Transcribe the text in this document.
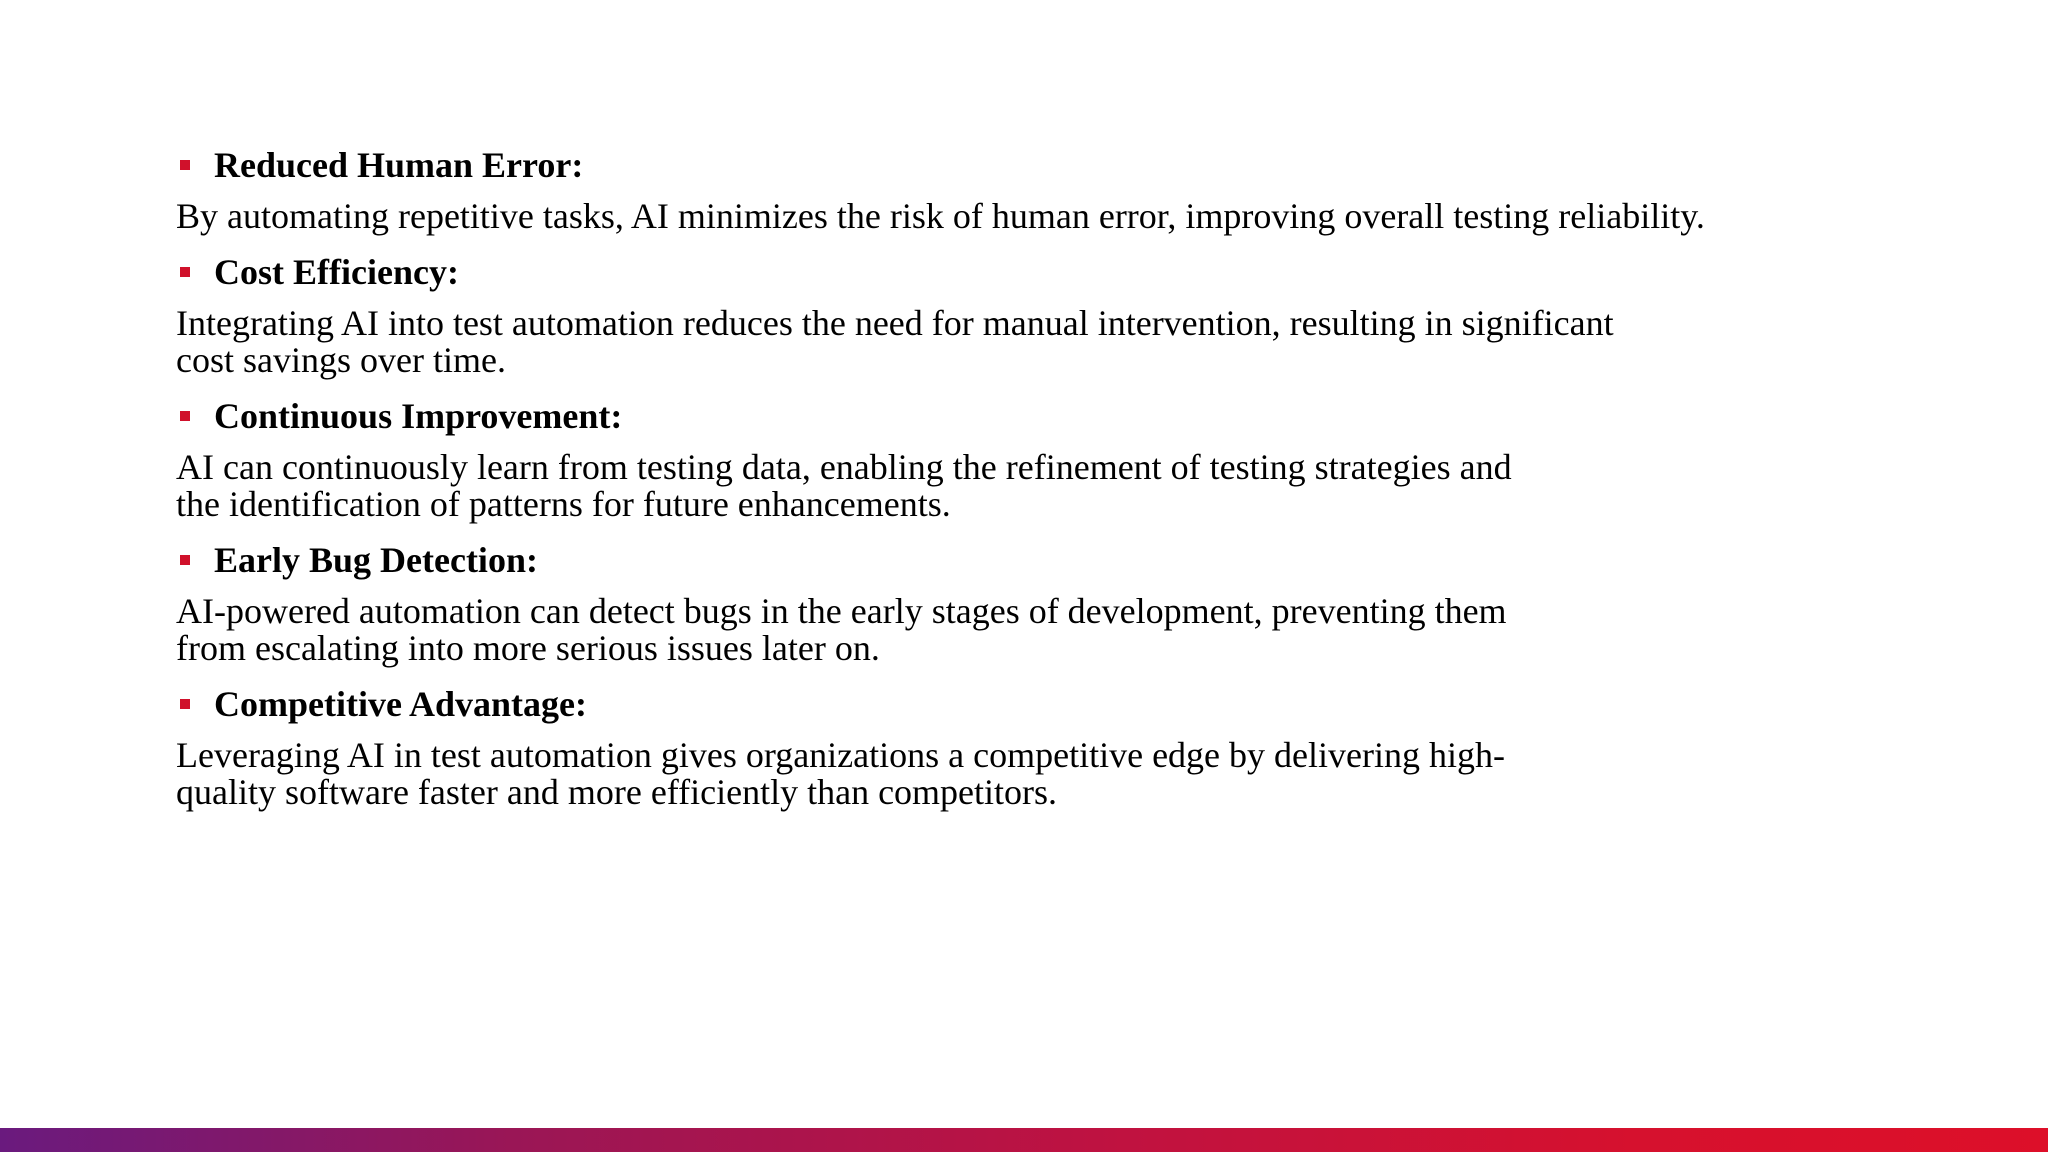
Reduced Human Error:
By automating repetitive tasks, AI minimizes the risk of human error, improving overall testing reliability.
Cost Efficiency:
Integrating AI into test automation reduces the need for manual intervention, resulting in significant
cost savings over time.
Continuous Improvement:
AI can continuously learn from testing data, enabling the refinement of testing strategies and
the identification of patterns for future enhancements.
Early Bug Detection:
AI-powered automation can detect bugs in the early stages of development, preventing them
from escalating into more serious issues later on.
Competitive Advantage:
Leveraging AI in test automation gives organizations a competitive edge by delivering high-
quality software faster and more efficiently than competitors.
